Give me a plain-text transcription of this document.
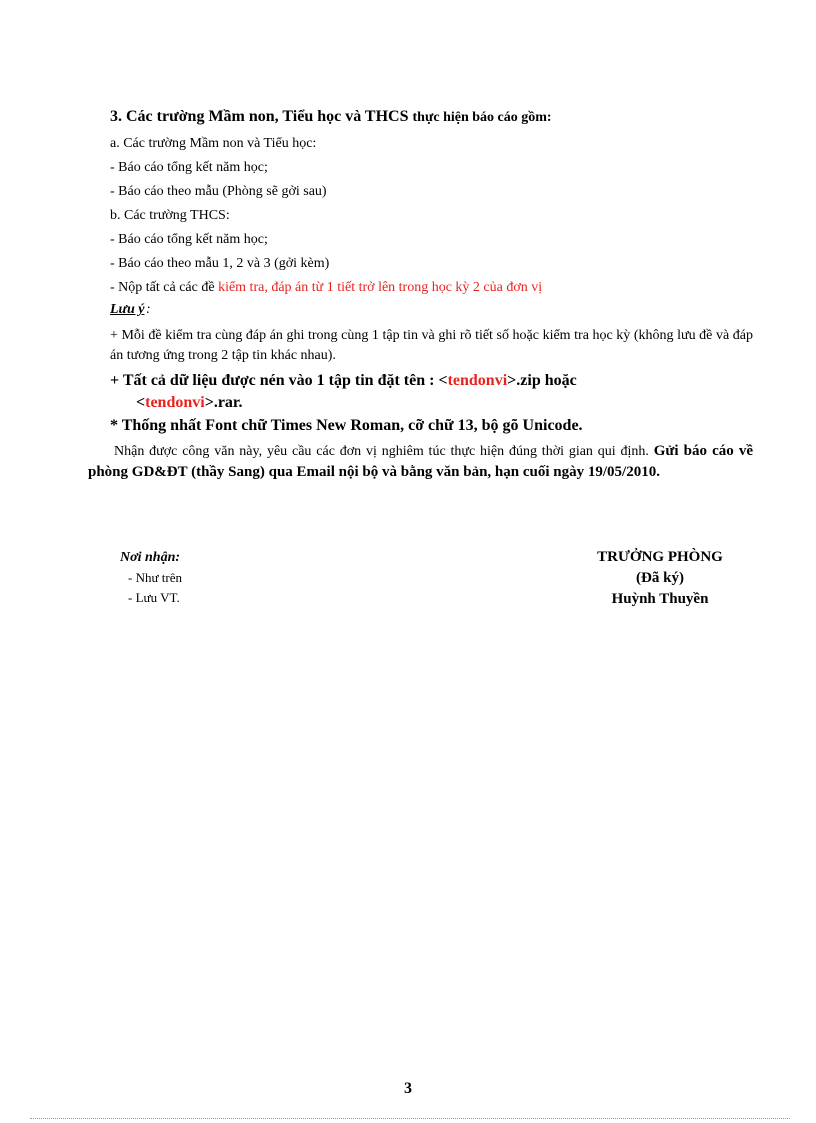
3. Các trường Mầm non, Tiểu học và THCS thực hiện báo cáo gồm:
a. Các trường Mầm non và Tiểu học:
- Báo cáo tổng kết năm học;
- Báo cáo theo mẫu (Phòng sẽ gởi sau)
b. Các trường THCS:
- Báo cáo tổng kết năm học;
- Báo cáo theo mẫu 1, 2 và 3 (gởi kèm)
- Nộp tất cả các đề kiểm tra, đáp án từ 1 tiết trở lên trong học kỳ 2 của đơn vị
Lưu ý :
+ Mỗi đề kiểm tra cùng đáp án ghi trong cùng 1 tập tin và ghi rõ tiết số hoặc kiểm tra học kỳ (không lưu đề và đáp án tương ứng trong 2 tập tin khác nhau).
+ Tất cả dữ liệu được nén vào 1 tập tin đặt tên : <tendonvi>.zip hoặc
<tendonvi>.rar.
* Thống nhất Font chữ Times New Roman, cỡ chữ 13, bộ gõ Unicode.
Nhận được công văn này, yêu cầu các đơn vị nghiêm túc thực hiện đúng thời gian qui định. Gửi báo cáo về phòng GD&ĐT (thầy Sang) qua Email nội bộ và bằng văn bản, hạn cuối ngày 19/05/2010.
Nơi nhận:
- Như trên
- Lưu VT.
TRƯỞNG PHÒNG
(Đã ký)
Huỳnh Thuyền
3
